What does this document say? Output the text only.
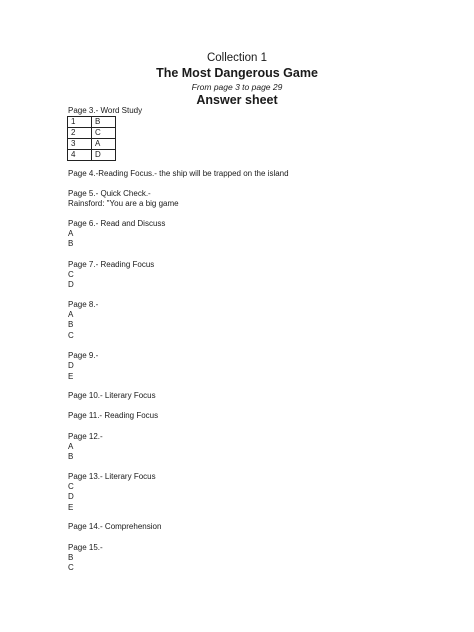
Collection 1
The Most Dangerous Game
From page 3 to page 29
Answer sheet
Page 3.- Word Study
1	B
2	C
3	A
4	D
Page 4.-Reading Focus.- the ship will be trapped on the island
Page 5.- Quick Check.-
Rainsford: "You are a big game
Page 6.- Read and Discuss
A
B
Page 7.- Reading Focus
C
D
Page 8.-
A
B
C
Page 9.-
D
E
Page 10.- Literary Focus
Page 11.- Reading Focus
Page 12.-
A
B
Page 13.- Literary Focus
C
D
E
Page 14.- Comprehension
Page 15.-
B
C
